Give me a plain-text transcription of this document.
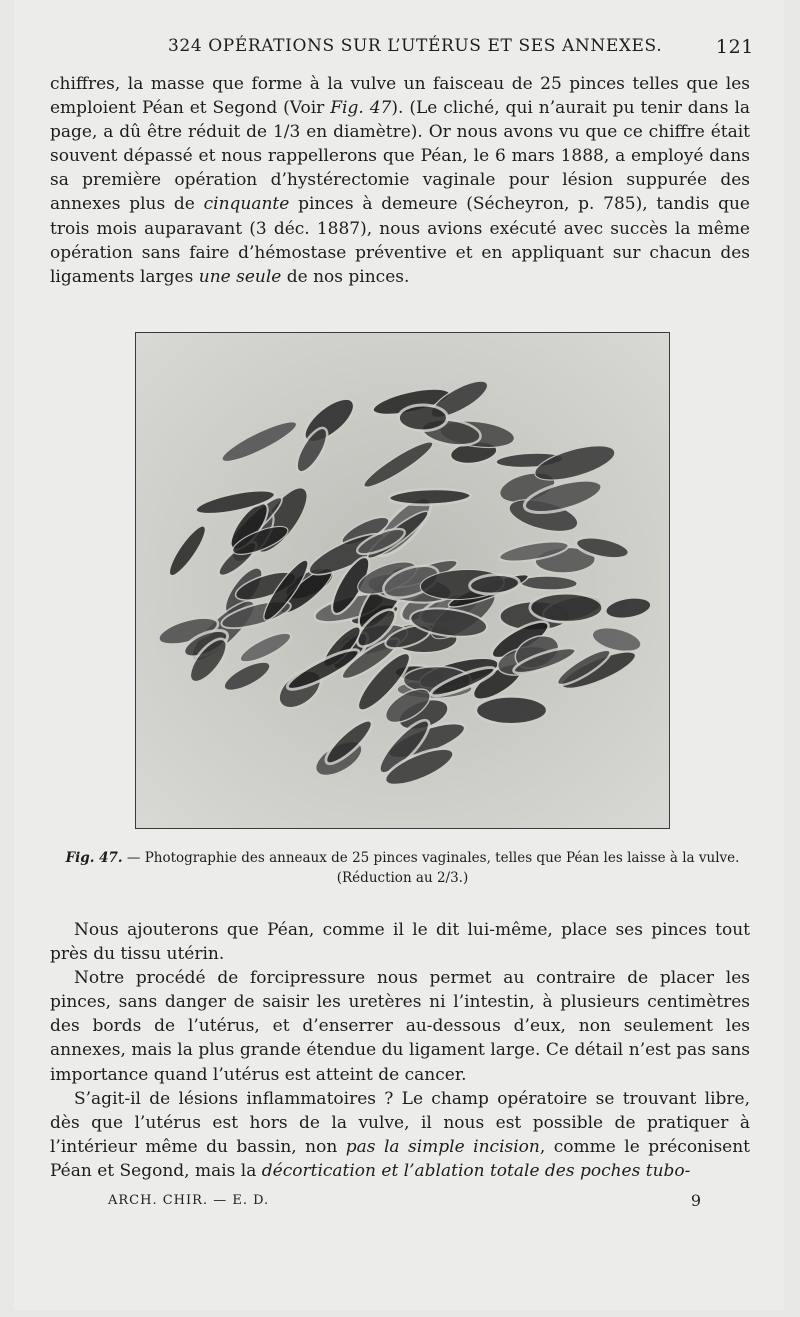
324 OPÉRATIONS SUR L’UTÉRUS ET SES ANNEXES.	121

chiffres, la masse que forme à la vulve un faisceau de 25 pinces telles que les emploient Péan et Segond (Voir Fig. 47). (Le cliché, qui n’aurait pu tenir dans la page, a dû être réduit de 1/3 en diamètre). Or nous avons vu que ce chiffre était souvent dépassé et nous rappellerons que Péan, le 6 mars 1888, a employé dans sa première opération d’hystérectomie vaginale pour lésion suppurée des annexes plus de cinquante pinces à demeure (Sécheyron, p. 785), tandis que trois mois auparavant (3 déc. 1887), nous avions exécuté avec succès la même opération sans faire d’hémostase préventive et en appliquant sur chacun des ligaments larges une seule de nos pinces.

Fig. 47. — Photographie des anneaux de 25 pinces vaginales, telles que Péan les laisse à la vulve.
(Réduction au 2/3.)

Nous ajouterons que Péan, comme il le dit lui-même, place ses pinces tout près du tissu utérin.

Notre procédé de forcipressure nous permet au contraire de placer les pinces, sans danger de saisir les uretères ni l’intestin, à plusieurs centimètres des bords de l’utérus, et d’enserrer au-dessous d’eux, non seulement les annexes, mais la plus grande étendue du ligament large. Ce détail n’est pas sans importance quand l’utérus est atteint de cancer.

S’agit-il de lésions inflammatoires ? Le champ opératoire se trouvant libre, dès que l’utérus est hors de la vulve, il nous est possible de pratiquer à l’intérieur même du bassin, non pas la simple incision, comme le préconisent Péan et Segond, mais la décortication et l’ablation totale des poches tubo-

ARCH. CHIR. — E. D.	9
